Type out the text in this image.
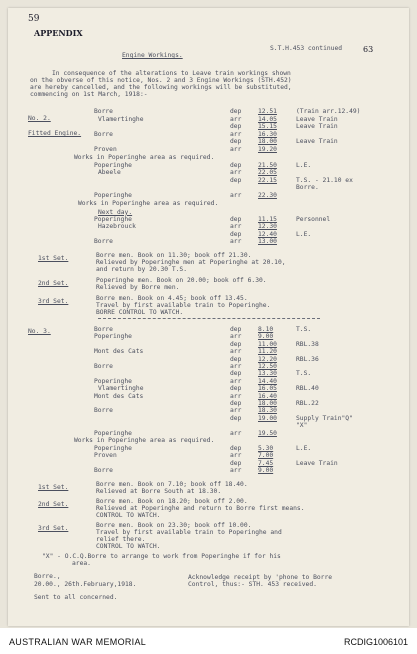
59
APPENDIX
Engine Workings.
S.T.H.453 continued	63
In consequence of the alterations to Leave train workings shown
on the obverse of this notice, Nos. 2 and 3 Engine Workings (STH.452)
are hereby cancelled, and the following workings will be substituted,
commencing on 1st March, 1918:-
No. 2.
Fitted Engine.
Borre	dep	12.51	(Train arr.12.49)
Vlamertinghe	arr	14.05	Leave Train
dep	15.15	Leave Train
Borre	arr	16.30
dep	18.00	Leave Train
Proven	arr	19.20
Works in Poperinghe area as required.
Poperinghe	dep	21.50	L.E.
Abeele	arr	22.05
dep	22.15	T.S. - 21.10 ex
Borre.
Poperinghe	arr	22.30
Works in Poperinghe area as required.
Next day.
Poperinghe	dep	11.15	Personnel
Hazebrouck	arr	12.30
dep	12.40	L.E.
Borre	arr	13.00
1st Set.	Borre men. Book on 11.30; book off 21.30.
Relieved by Poperinghe men at Poperinghe at 20.10,
and return by 20.30 T.S.
2nd Set.	Poperinghe men. Book on 20.00; book off 6.30.
Relieved by Borre men.
3rd Set.	Borre men. Book on 4.45; book off 13.45.
Travel by first available train to Poperinghe.
BORRE CONTROL TO WATCH.
No. 3.	Borre	dep	8.10	T.S.
Poperinghe	arr	9.00
dep	11.00	RBL.38
Mont des Cats	arr	11.20
dep	12.20	RBL.36
Borre	arr	12.50
dep	13.30	T.S.
Poperinghe	arr	14.40
Vlamertinghe	dep	16.05	RBL.40
Mont des Cats	arr	16.40
dep	18.00	RBL.22
Borre	arr	18.30
dep	19.00	Supply Train"Q"
"X"
Poperinghe	arr	19.50
Works in Poperinghe area as required.
Poperinghe	dep	5.30	L.E.
Proven	arr	7.00
dep	7.45	Leave Train
Borre	arr	9.00
1st Set.	Borre men. Book on 7.10; book off 18.40.
Relieved at Borre South at 18.30.
2nd Set.	Borre men. Book on 18.20; book off 2.00.
Relieved at Poperinghe and return to Borre first means.
CONTROL TO WATCH.
3rd Set.	Borre men. Book on 23.30; book off 10.00.
Travel by first available train to Poperinghe and
relief there.
CONTROL TO WATCH.
"X" - O.C.Q.Borre to arrange to work from Poperinghe if for his
area.
Borre.,	Acknowledge receipt by 'phone to Borre
20.00., 26th.February,1918.	Control, thus:- STH. 453 received.
Sent to all concerned.
AUSTRALIAN WAR MEMORIAL	RCDIG1006101
